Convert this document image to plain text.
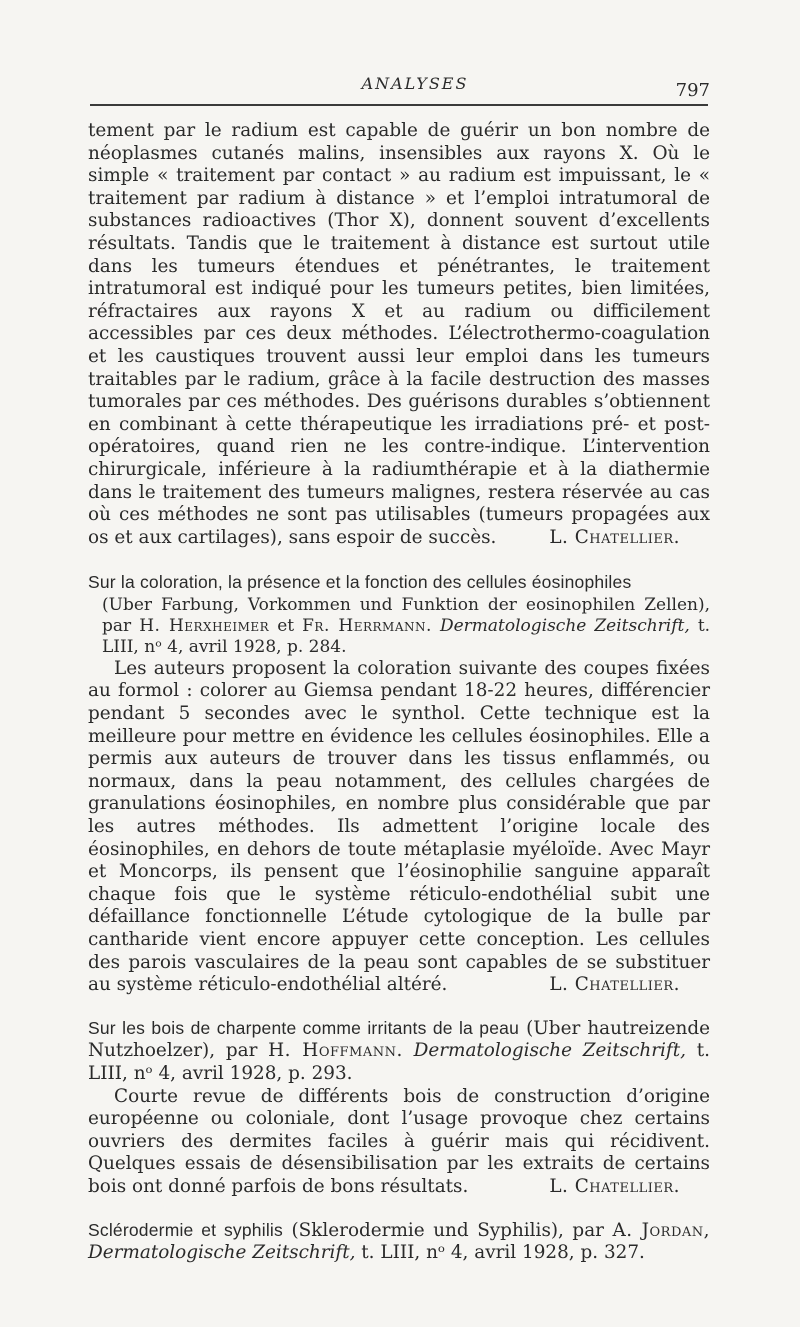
ANALYSES	797

tement par le radium est capable de guérir un bon nombre de néoplasmes cutanés malins, insensibles aux rayons X. Où le simple « traitement par contact » au radium est impuissant, le « traitement par radium à distance » et l’emploi intratumoral de substances radioactives (Thor X), donnent souvent d’excellents résultats. Tandis que le traitement à distance est surtout utile dans les tumeurs étendues et pénétrantes, le traitement intratumoral est indiqué pour les tumeurs petites, bien limitées, réfractaires aux rayons X et au radium ou difficilement accessibles par ces deux méthodes. L’électrothermo-coagulation et les caustiques trouvent aussi leur emploi dans les tumeurs traitables par le radium, grâce à la facile destruction des masses tumorales par ces méthodes. Des guérisons durables s’obtiennent en combinant à cette thérapeutique les irradiations pré- et post-opératoires, quand rien ne les contre-indique. L’intervention chirurgicale, inférieure à la radiumthérapie et à la diathermie dans le traitement des tumeurs malignes, restera réservée au cas où ces méthodes ne sont pas utilisables (tumeurs propagées aux os et aux cartilages), sans espoir de succès.	L. Chatellier.

Sur la coloration, la présence et la fonction des cellules éosinophiles

(Uber Farbung, Vorkommen und Funktion der eosinophilen Zellen), par H. Herxheimer et Fr. Herrmann. Dermatologische Zeitschrift, t. LIII, nᵒ 4, avril 1928, p. 284.

Les auteurs proposent la coloration suivante des coupes fixées au formol : colorer au Giemsa pendant 18-22 heures, différencier pendant 5 secondes avec le synthol. Cette technique est la meilleure pour mettre en évidence les cellules éosinophiles. Elle a permis aux auteurs de trouver dans les tissus enflammés, ou normaux, dans la peau notamment, des cellules chargées de granulations éosinophiles, en nombre plus considérable que par les autres méthodes. Ils admettent l’origine locale des éosinophiles, en dehors de toute métaplasie myéloïde. Avec Mayr et Moncorps, ils pensent que l’éosinophilie sanguine apparaît chaque fois que le système réticulo-endothélial subit une défaillance fonctionnelle L’étude cytologique de la bulle par cantharide vient encore appuyer cette conception. Les cellules des parois vasculaires de la peau sont capables de se substituer au système réticulo-endothélial altéré.	L. Chatellier.

Sur les bois de charpente comme irritants de la peau (Uber hautreizende Nutzhoelzer), par H. Hoffmann. Dermatologische Zeitschrift, t. LIII, nᵒ 4, avril 1928, p. 293.

Courte revue de différents bois de construction d’origine européenne ou coloniale, dont l’usage provoque chez certains ouvriers des dermites faciles à guérir mais qui récidivent. Quelques essais de désensibilisation par les extraits de certains bois ont donné parfois de bons résultats.	L. Chatellier.

Sclérodermie et syphilis (Sklerodermie und Syphilis), par A. Jordan, Dermatologische Zeitschrift, t. LIII, nᵒ 4, avril 1928, p. 327.
